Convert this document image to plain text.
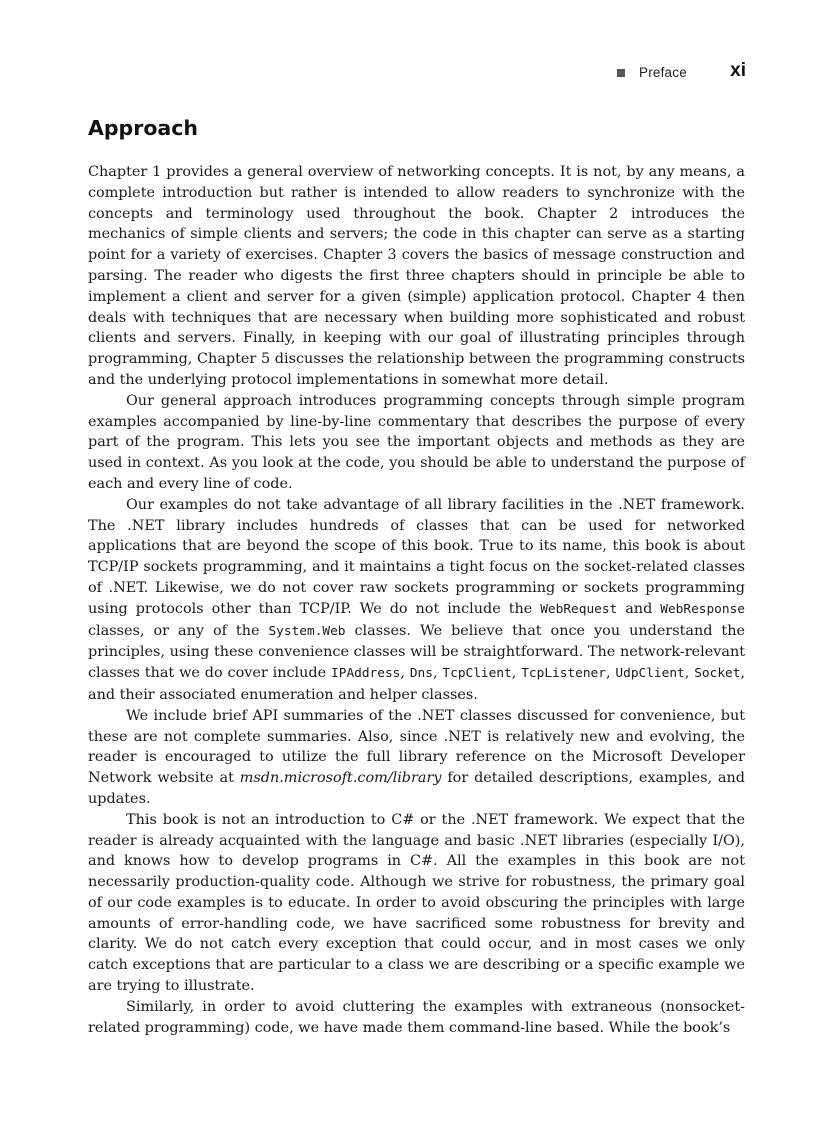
Preface xi
Approach

Chapter 1 provides a general overview of networking concepts. It is not, by any means, a complete introduction but rather is intended to allow readers to synchronize with the concepts and terminology used throughout the book. Chapter 2 introduces the mechanics of simple clients and servers; the code in this chapter can serve as a starting point for a variety of exercises. Chapter 3 covers the basics of message construction and parsing. The reader who digests the first three chapters should in principle be able to implement a client and server for a given (simple) application protocol. Chapter 4 then deals with techniques that are necessary when building more sophisticated and robust clients and servers. Finally, in keeping with our goal of illustrating principles through programming, Chapter 5 discusses the relationship between the programming constructs and the underlying protocol implementations in somewhat more detail.

Our general approach introduces programming concepts through simple program examples accompanied by line-by-line commentary that describes the purpose of every part of the program. This lets you see the important objects and methods as they are used in context. As you look at the code, you should be able to understand the purpose of each and every line of code.

Our examples do not take advantage of all library facilities in the .NET framework. The .NET library includes hundreds of classes that can be used for networked applications that are beyond the scope of this book. True to its name, this book is about TCP/IP sockets programming, and it maintains a tight focus on the socket-related classes of .NET. Likewise, we do not cover raw sockets programming or sockets programming using protocols other than TCP/IP. We do not include the WebRequest and WebResponse classes, or any of the System.Web classes. We believe that once you understand the principles, using these convenience classes will be straightforward. The network-relevant classes that we do cover include IPAddress, Dns, TcpClient, TcpListener, UdpClient, Socket, and their associated enumeration and helper classes.

We include brief API summaries of the .NET classes discussed for convenience, but these are not complete summaries. Also, since .NET is relatively new and evolving, the reader is encouraged to utilize the full library reference on the Microsoft Developer Network website at msdn.microsoft.com/library for detailed descriptions, examples, and updates.

This book is not an introduction to C# or the .NET framework. We expect that the reader is already acquainted with the language and basic .NET libraries (especially I/O), and knows how to develop programs in C#. All the examples in this book are not necessarily production-quality code. Although we strive for robustness, the primary goal of our code examples is to educate. In order to avoid obscuring the principles with large amounts of error-handling code, we have sacrificed some robustness for brevity and clarity. We do not catch every exception that could occur, and in most cases we only catch exceptions that are particular to a class we are describing or a specific example we are trying to illustrate.

Similarly, in order to avoid cluttering the examples with extraneous (nonsocket-related programming) code, we have made them command-line based. While the book’s
